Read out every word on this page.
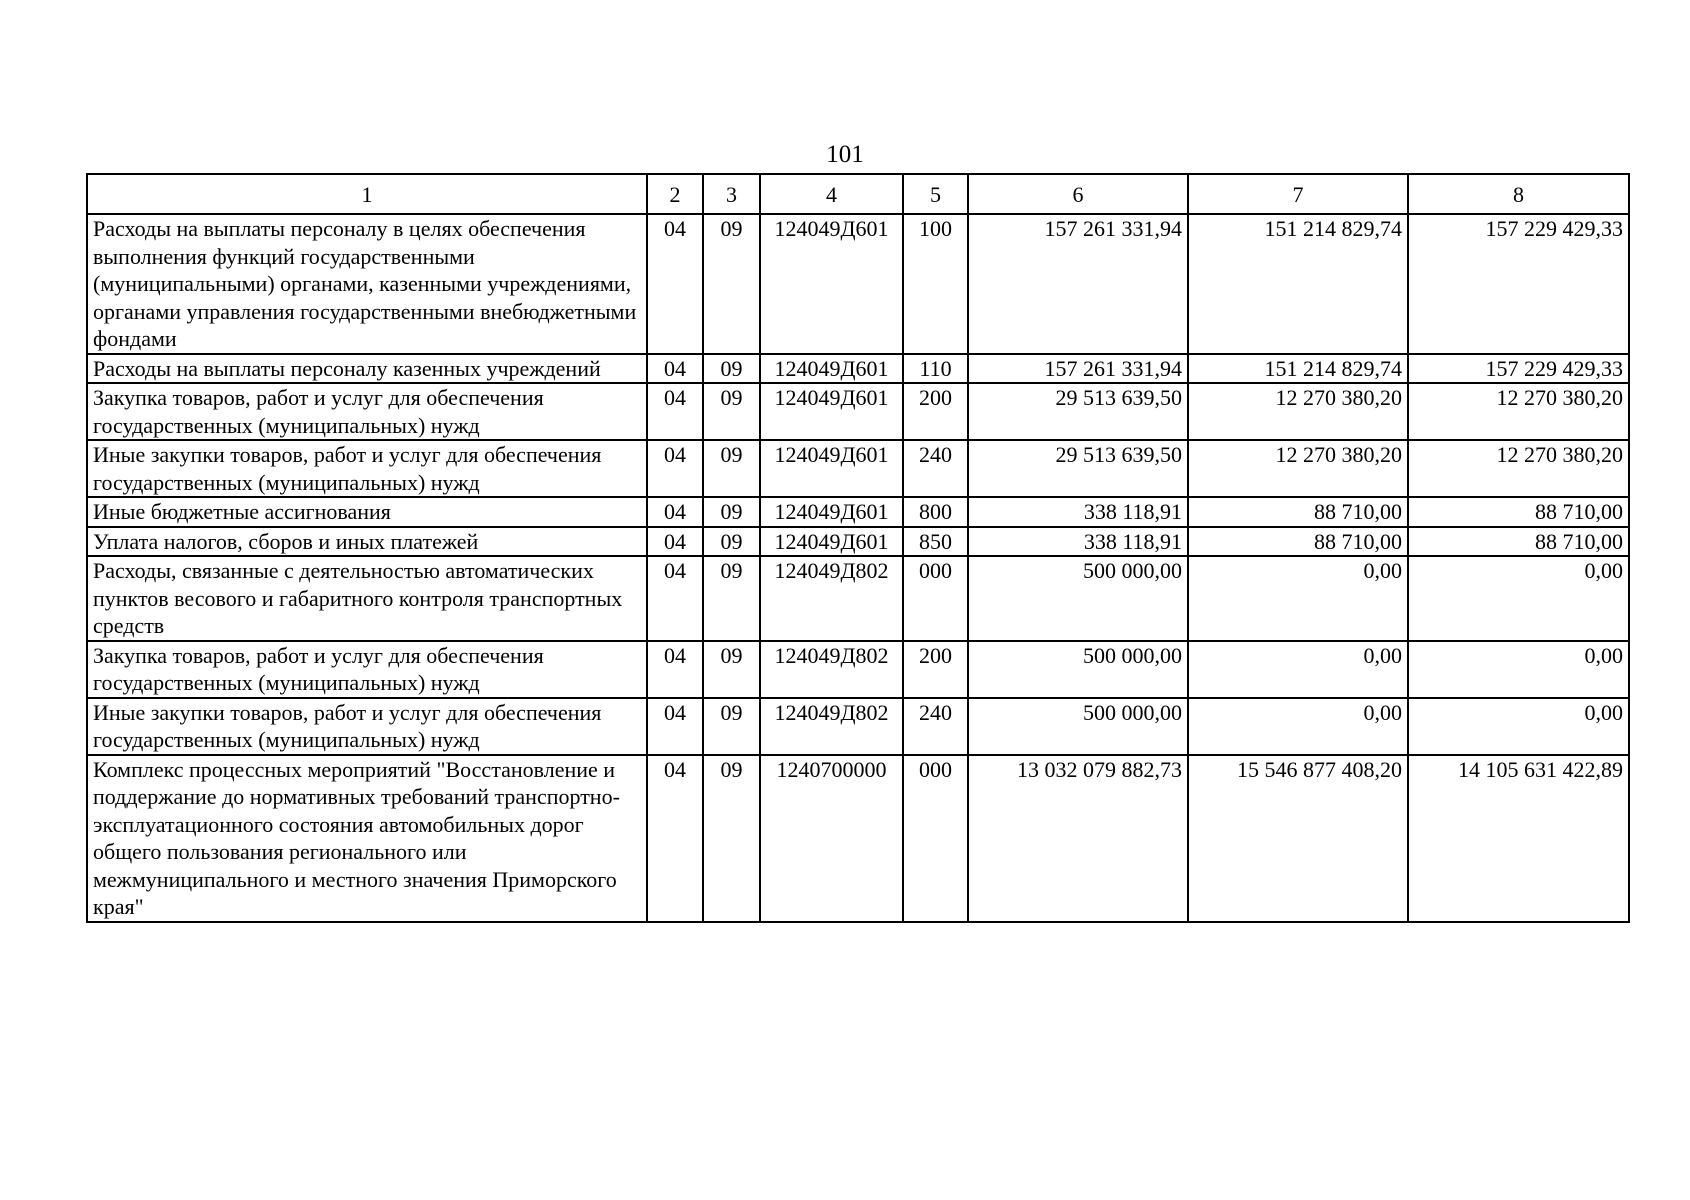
101
1	2	3	4	5	6	7	8
Расходы на выплаты персоналу в целях обеспечения выполнения функций государственными (муниципальными) органами, казенными учреждениями, органами управления государственными внебюджетными фондами	04	09	124049Д601	100	157 261 331,94	151 214 829,74	157 229 429,33
Расходы на выплаты персоналу казенных учреждений	04	09	124049Д601	110	157 261 331,94	151 214 829,74	157 229 429,33
Закупка товаров, работ и услуг для обеспечения государственных (муниципальных) нужд	04	09	124049Д601	200	29 513 639,50	12 270 380,20	12 270 380,20
Иные закупки товаров, работ и услуг для обеспечения государственных (муниципальных) нужд	04	09	124049Д601	240	29 513 639,50	12 270 380,20	12 270 380,20
Иные бюджетные ассигнования	04	09	124049Д601	800	338 118,91	88 710,00	88 710,00
Уплата налогов, сборов и иных платежей	04	09	124049Д601	850	338 118,91	88 710,00	88 710,00
Расходы, связанные с деятельностью автоматических пунктов весового и габаритного контроля транспортных средств	04	09	124049Д802	000	500 000,00	0,00	0,00
Закупка товаров, работ и услуг для обеспечения государственных (муниципальных) нужд	04	09	124049Д802	200	500 000,00	0,00	0,00
Иные закупки товаров, работ и услуг для обеспечения государственных (муниципальных) нужд	04	09	124049Д802	240	500 000,00	0,00	0,00
Комплекс процессных мероприятий "Восстановление и поддержание до нормативных требований транспортно-эксплуатационного состояния автомобильных дорог общего пользования регионального или межмуниципального и местного значения Приморского края"	04	09	1240700000	000	13 032 079 882,73	15 546 877 408,20	14 105 631 422,89
